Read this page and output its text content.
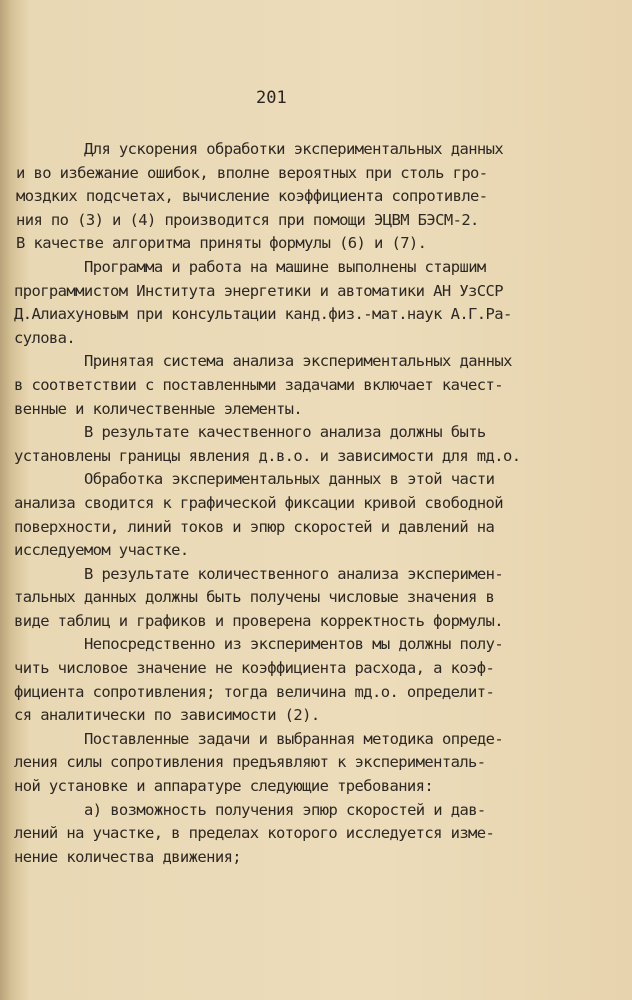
201
Для ускорения обработки экспериментальных данных
и во избежание ошибок, вполне вероятных при столь гро-
моздких подсчетах, вычисление коэффициента сопротивле-
ния по (3) и (4) производится при помощи ЭЦВМ БЭСМ-2.
В качестве алгоритма приняты формулы (6) и (7).
Программа и работа на машине выполнены старшим
программистом Института энергетики и автоматики АН УзССР
Д.Алиахуновым при консультации канд.физ.-мат.наук А.Г.Ра-
сулова.
Принятая система анализа экспериментальных данных
в соответствии с поставленными задачами включает качест-
венные и количественные элементы.
В результате качественного анализа должны быть
установлены границы явления д.в.о. и зависимости для mд.о.
Обработка экспериментальных данных в этой части
анализа сводится к графической фиксации кривой свободной
поверхности, линий токов и эпюр скоростей и давлений на
исследуемом участке.
В результате количественного анализа эксперимен-
тальных данных должны быть получены числовые значения в
виде таблиц и графиков и проверена корректность формулы.
Непосредственно из экспериментов мы должны полу-
чить числовое значение не коэффициента расхода, а коэф-
фициента сопротивления; тогда величина mд.о. определит-
ся аналитически по зависимости (2).
Поставленные задачи и выбранная методика опреде-
ления силы сопротивления предъявляют к эксперименталь-
ной установке и аппаратуре следующие требования:
а) возможность получения эпюр скоростей и дав-
лений на участке, в пределах которого исследуется изме-
нение количества движения;
